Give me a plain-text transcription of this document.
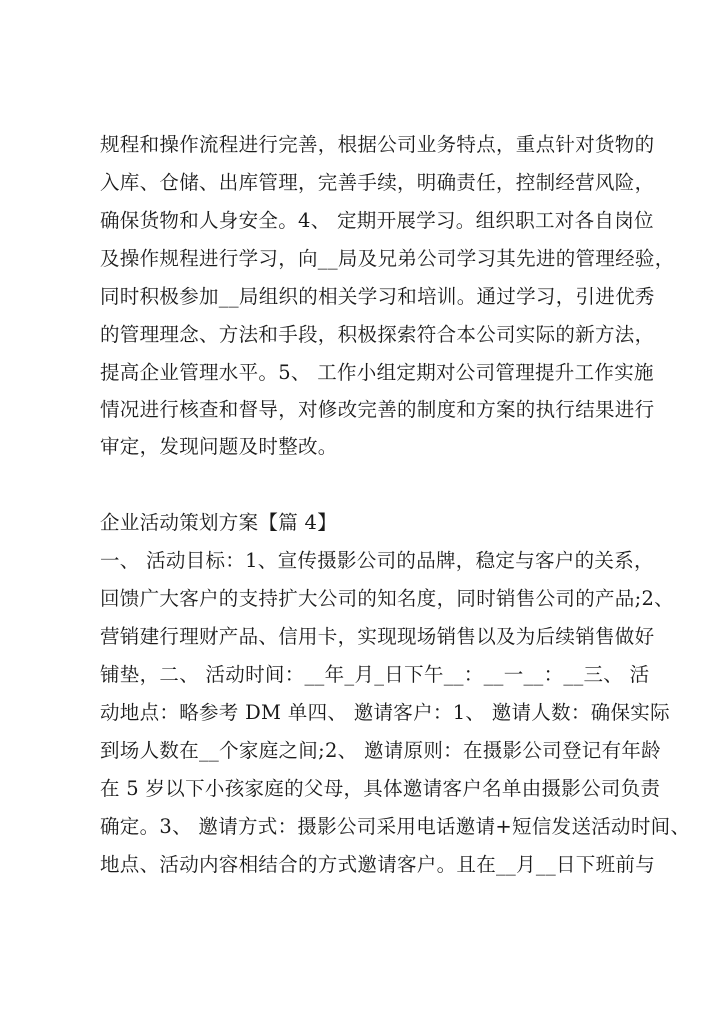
规程和操作流程进行完善，根据公司业务特点，重点针对货物的
入库、仓储、出库管理，完善手续，明确责任，控制经营风险，
确保货物和人身安全。4、 定期开展学习。组织职工对各自岗位
及操作规程进行学习，向__局及兄弟公司学习其先进的管理经验，
同时积极参加__局组织的相关学习和培训。通过学习，引进优秀
的管理理念、方法和手段，积极探索符合本公司实际的新方法，
提高企业管理水平。5、 工作小组定期对公司管理提升工作实施
情况进行核查和督导，对修改完善的制度和方案的执行结果进行
审定，发现问题及时整改。
企业活动策划方案【篇 4】
一、 活动目标：1、宣传摄影公司的品牌，稳定与客户的关系，
回馈广大客户的支持扩大公司的知名度，同时销售公司的产品;2、
营销建行理财产品、信用卡，实现现场销售以及为后续销售做好
铺垫，二、 活动时间：__年_月_日下午__：__一__：__三、 活
动地点：略参考 DM 单四、 邀请客户：1、 邀请人数：确保实际
到场人数在__个家庭之间;2、 邀请原则：在摄影公司登记有年龄
在 5 岁以下小孩家庭的父母，具体邀请客户名单由摄影公司负责
确定。3、 邀请方式：摄影公司采用电话邀请+短信发送活动时间、
地点、活动内容相结合的方式邀请客户。且在__月__日下班前与
